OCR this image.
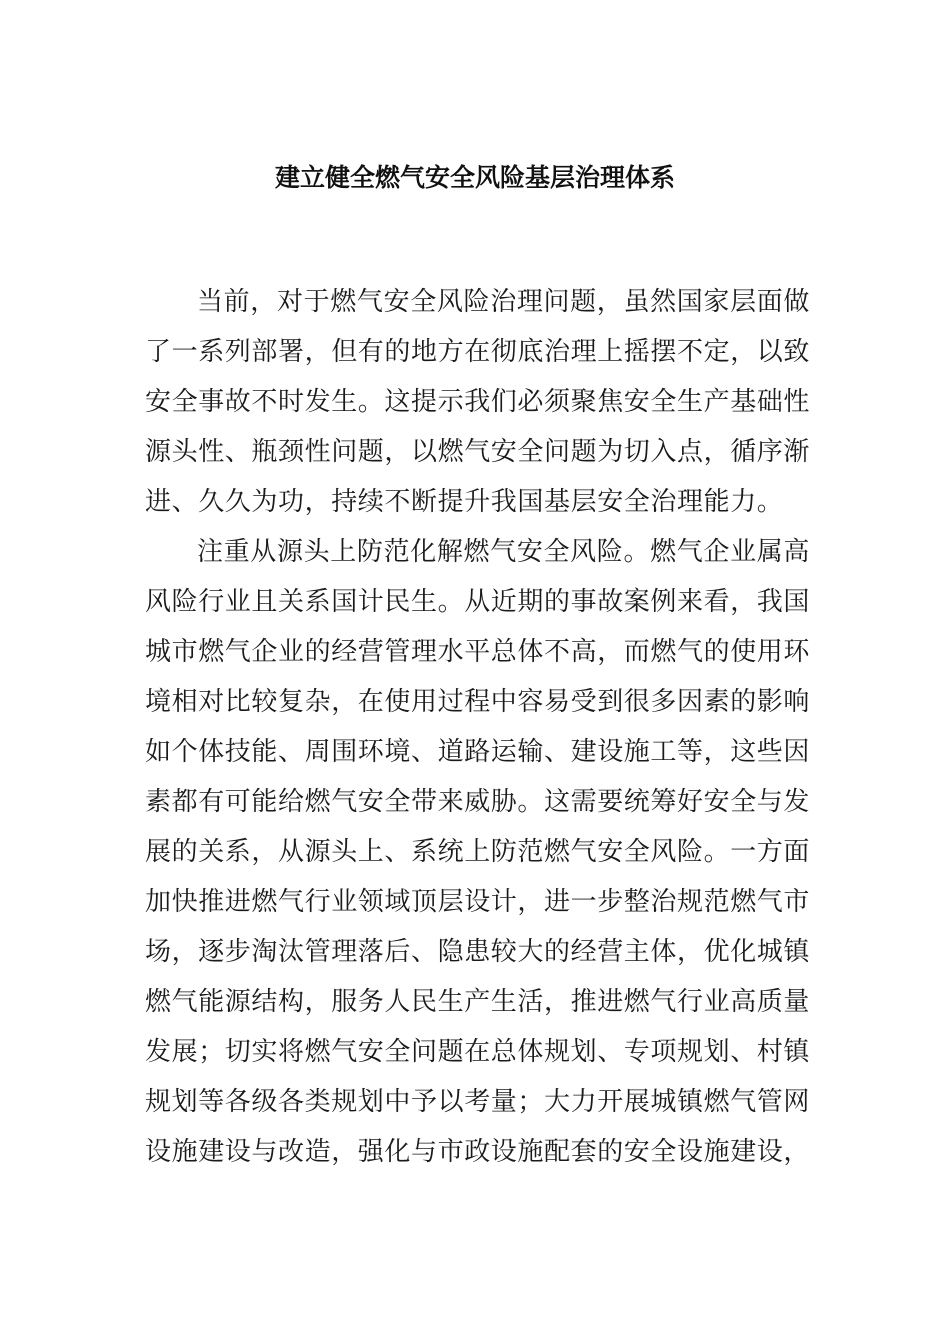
建立健全燃气安全风险基层治理体系

当前，对于燃气安全风险治理问题，虽然国家层面做了一系列部署，但有的地方在彻底治理上摇摆不定，以致安全事故不时发生。这提示我们必须聚焦安全生产基础性源头性、瓶颈性问题，以燃气安全问题为切入点，循序渐进、久久为功，持续不断提升我国基层安全治理能力。

注重从源头上防范化解燃气安全风险。燃气企业属高风险行业且关系国计民生。从近期的事故案例来看，我国城市燃气企业的经营管理水平总体不高，而燃气的使用环境相对比较复杂，在使用过程中容易受到很多因素的影响如个体技能、周围环境、道路运输、建设施工等，这些因素都有可能给燃气安全带来威胁。这需要统筹好安全与发展的关系，从源头上、系统上防范燃气安全风险。一方面加快推进燃气行业领域顶层设计，进一步整治规范燃气市场，逐步淘汰管理落后、隐患较大的经营主体，优化城镇燃气能源结构，服务人民生产生活，推进燃气行业高质量发展；切实将燃气安全问题在总体规划、专项规划、村镇规划等各级各类规划中予以考量；大力开展城镇燃气管网设施建设与改造，强化与市政设施配套的安全设施建设，
